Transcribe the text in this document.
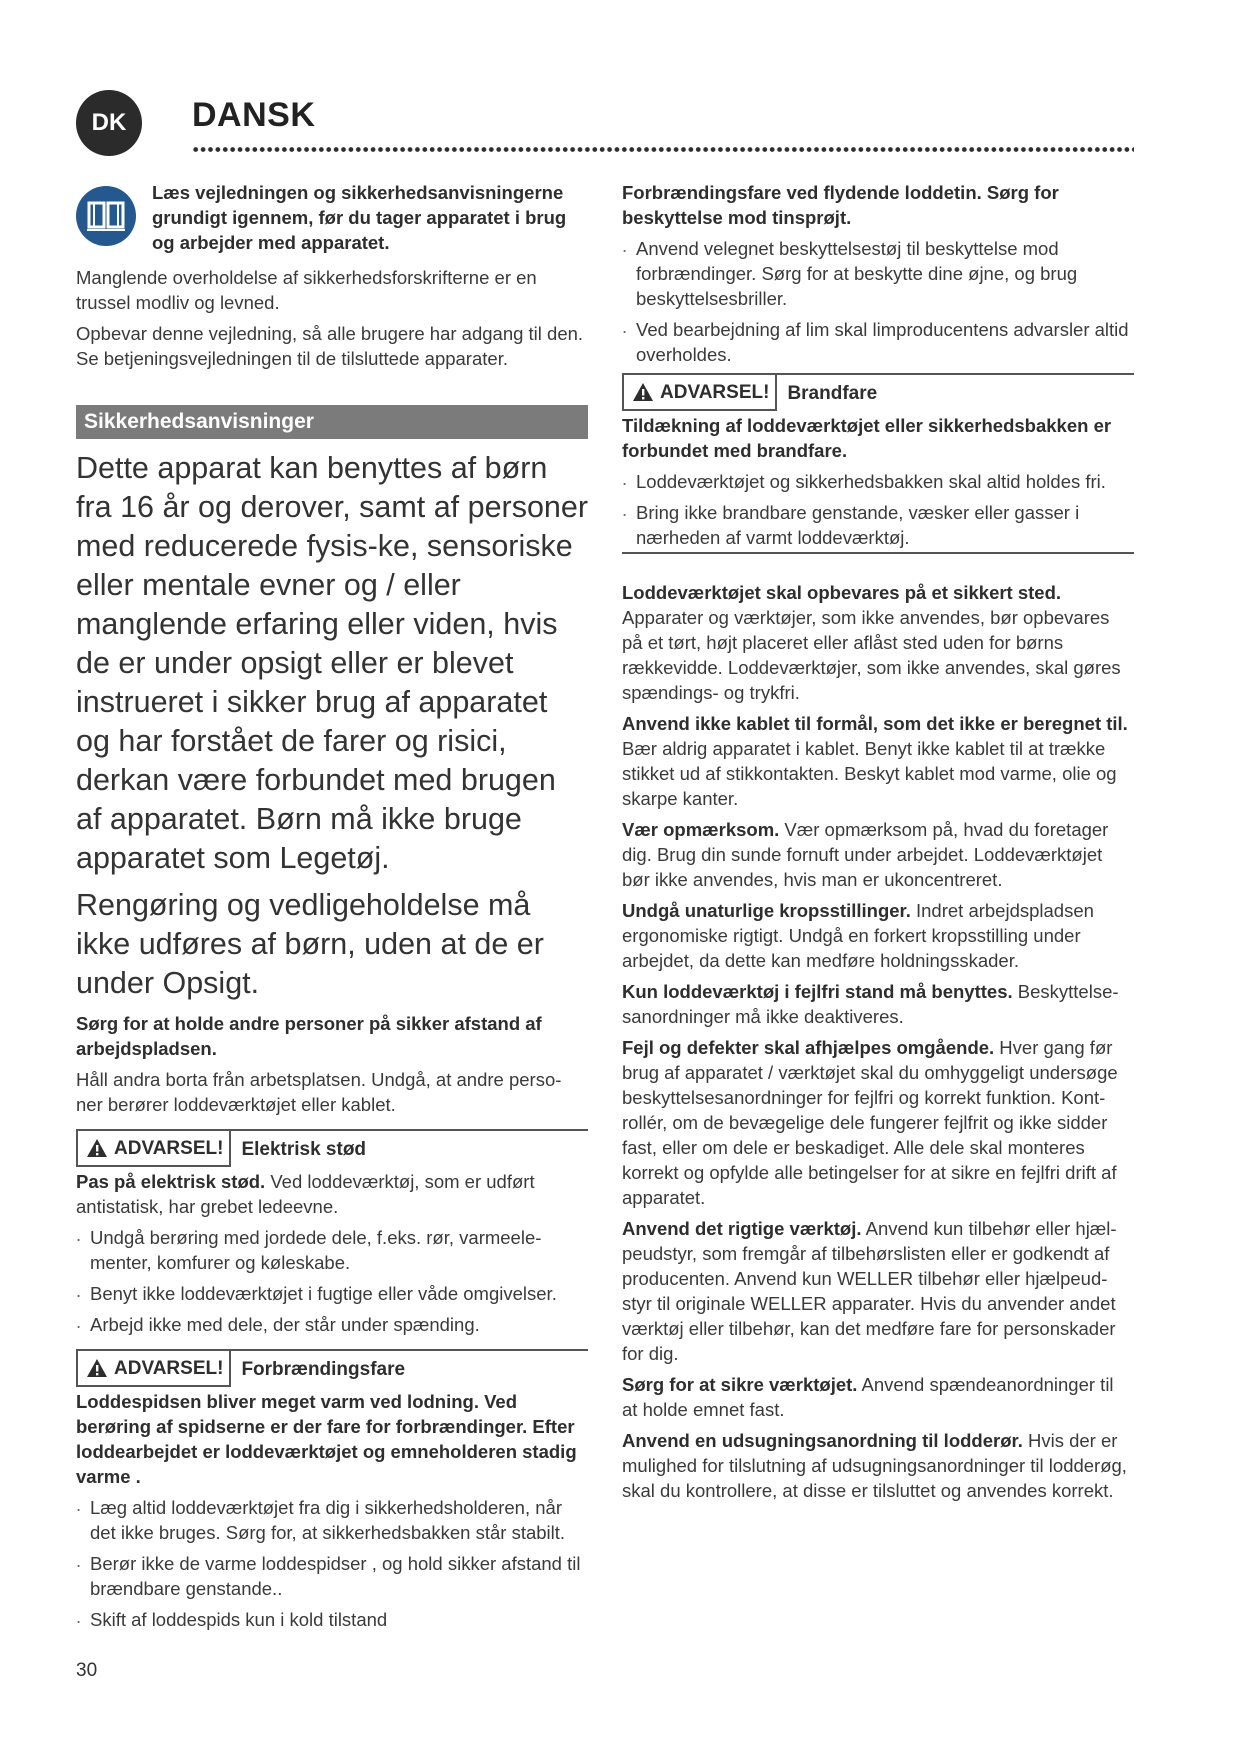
DK	DANSK

Læs vejledningen og sikkerhedsanvisningerne grundigt igennem, før du tager apparatet i brug og arbejder med apparatet.

Manglende overholdelse af sikkerhedsforskrifterne er en trussel modliv og levned.

Opbevar denne vejledning, så alle brugere har adgang til den. Se betjeningsvejledningen til de tilsluttede apparater.

Sikkerhedsanvisninger

Dette apparat kan benyttes af børn fra 16 år og derover, samt af personer med reducerede fysis-ke, sensoriske eller mentale evner og / eller manglende erfaring eller viden, hvis de er under opsigt eller er blevet instrueret i sikker brug af apparatet og har forstået de farer og risici, derkan være forbundet med brugen af apparatet. Børn må ikke bruge apparatet som Legetøj.

Rengøring og vedligeholdelse må ikke udføres af børn, uden at de er under Opsigt.

Sørg for at holde andre personer på sikker afstand af arbejdspladsen.

Håll andra borta från arbetsplatsen. Undgå, at andre perso-ner berører loddeværktøjet eller kablet.

ADVARSEL! Elektrisk stød

Pas på elektrisk stød. Ved loddeværktøj, som er udført antistatisk, har grebet ledeevne.

. Undgå berøring med jordede dele, f.eks. rør, varmeele-menter, komfurer og køleskabe.
. Benyt ikke loddeværktøjet i fugtige eller våde omgivelser.
. Arbejd ikke med dele, der står under spænding.
ADVARSEL! Forbrændingsfare

Loddespidsen bliver meget varm ved lodning. Ved berøring af spidserne er der fare for forbrændinger. Efter loddearbejdet er loddeværktøjet og emneholderen stadig varme .

. Læg altid loddeværktøjet fra dig i sikkerhedsholderen, når det ikke bruges. Sørg for, at sikkerhedsbakken står stabilt.
. Berør ikke de varme loddespidser , og hold sikker afstand til brændbare genstande..
. Skift af loddespids kun i kold tilstand

Forbrændingsfare ved flydende loddetin. Sørg for beskyttelse mod tinsprøjt.

. Anvend velegnet beskyttelsestøj til beskyttelse mod forbrændinger. Sørg for at beskytte dine øjne, og brug beskyttelsesbriller.
. Ved bearbejdning af lim skal limproducentens advarsler altid overholdes.
ADVARSEL! Brandfare

Tildækning af loddeværktøjet eller sikkerhedsbakken er forbundet med brandfare.

. Loddeværktøjet og sikkerhedsbakken skal altid holdes fri.
. Bring ikke brandbare genstande, væsker eller gasser i nærheden af varmt loddeværktøj.

Loddeværktøjet skal opbevares på et sikkert sted. Apparater og værktøjer, som ikke anvendes, bør opbevares på et tørt, højt placeret eller aflåst sted uden for børns rækkevidde. Loddeværktøjer, som ikke anvendes, skal gøres spændings- og trykfri.

Anvend ikke kablet til formål, som det ikke er beregnet til. Bær aldrig apparatet i kablet. Benyt ikke kablet til at trække stikket ud af stikkontakten. Beskyt kablet mod varme, olie og skarpe kanter.

Vær opmærksom. Vær opmærksom på, hvad du foretager dig. Brug din sunde fornuft under arbejdet. Loddeværktøjet bør ikke anvendes, hvis man er ukoncentreret.

Undgå unaturlige kropsstillinger. Indret arbejdspladsen ergonomiske rigtigt. Undgå en forkert kropsstilling under arbejdet, da dette kan medføre holdningsskader.

Kun loddeværktøj i fejlfri stand må benyttes. Beskyttelse-sanordninger må ikke deaktiveres.

Fejl og defekter skal afhjælpes omgående. Hver gang før brug af apparatet / værktøjet skal du omhyggeligt undersøge beskyttelsesanordninger for fejlfri og korrekt funktion. Kont-rollér, om de bevægelige dele fungerer fejlfrit og ikke sidder fast, eller om dele er beskadiget. Alle dele skal monteres korrekt og opfylde alle betingelser for at sikre en fejlfri drift af apparatet.

Anvend det rigtige værktøj. Anvend kun tilbehør eller hjæl-peudstyr, som fremgår af tilbehørslisten eller er godkendt af producenten. Anvend kun WELLER tilbehør eller hjælpeud-styr til originale WELLER apparater. Hvis du anvender andet værktøj eller tilbehør, kan det medføre fare for personskader for dig.

Sørg for at sikre værktøjet. Anvend spændeanordninger til at holde emnet fast.

Anvend en udsugningsanordning til lodderør. Hvis der er mulighed for tilslutning af udsugningsanordninger til lodderøg, skal du kontrollere, at disse er tilsluttet og anvendes korrekt.

30
